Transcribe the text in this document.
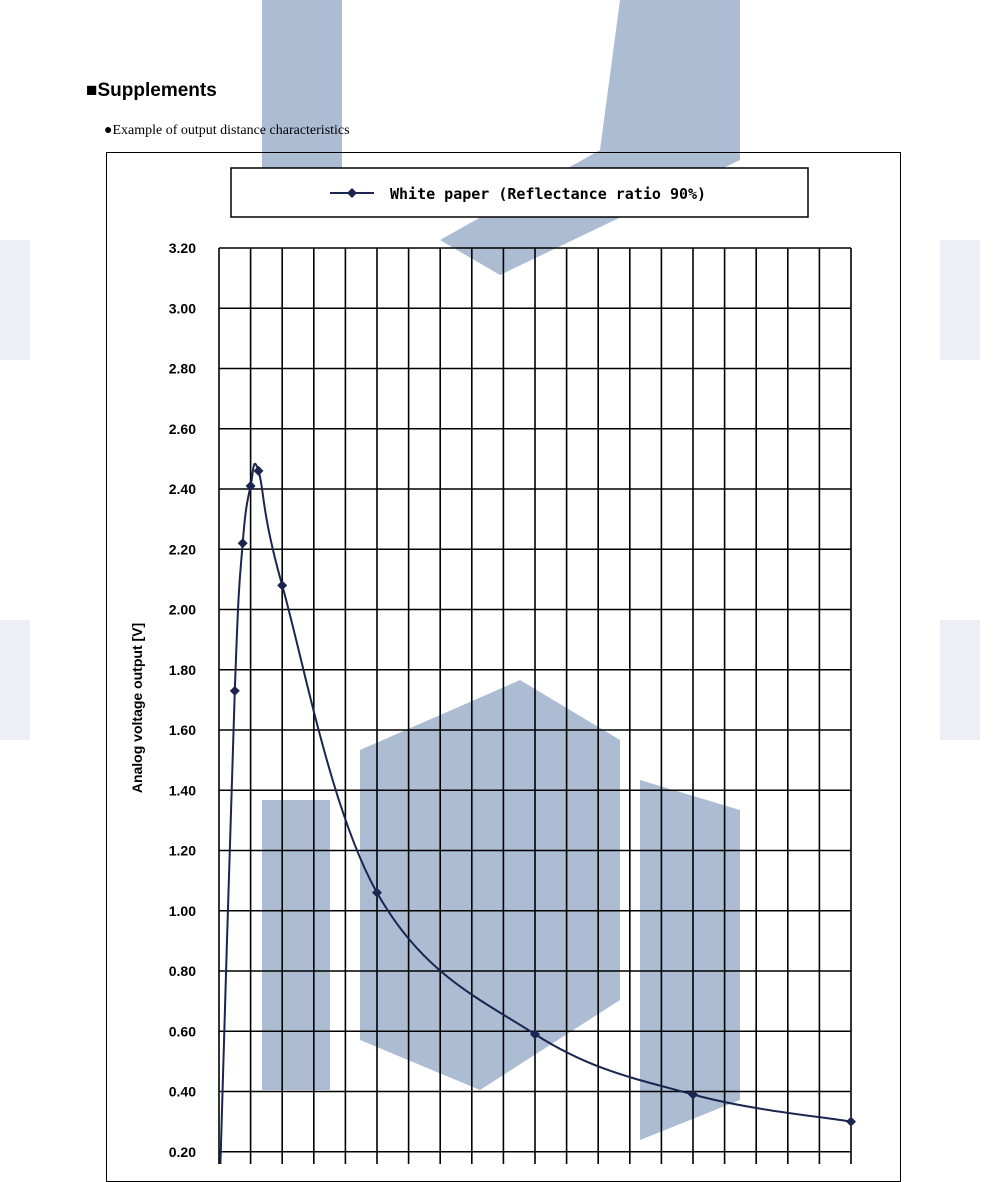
■Supplements
●Example of output distance characteristics
White paper (Reflectance ratio 90%)
0.20
0.40
0.60
0.80
1.00
1.20
1.40
1.60
1.80
2.00
2.20
2.40
2.60
2.80
3.00
3.20
Analog voltage output [V]
